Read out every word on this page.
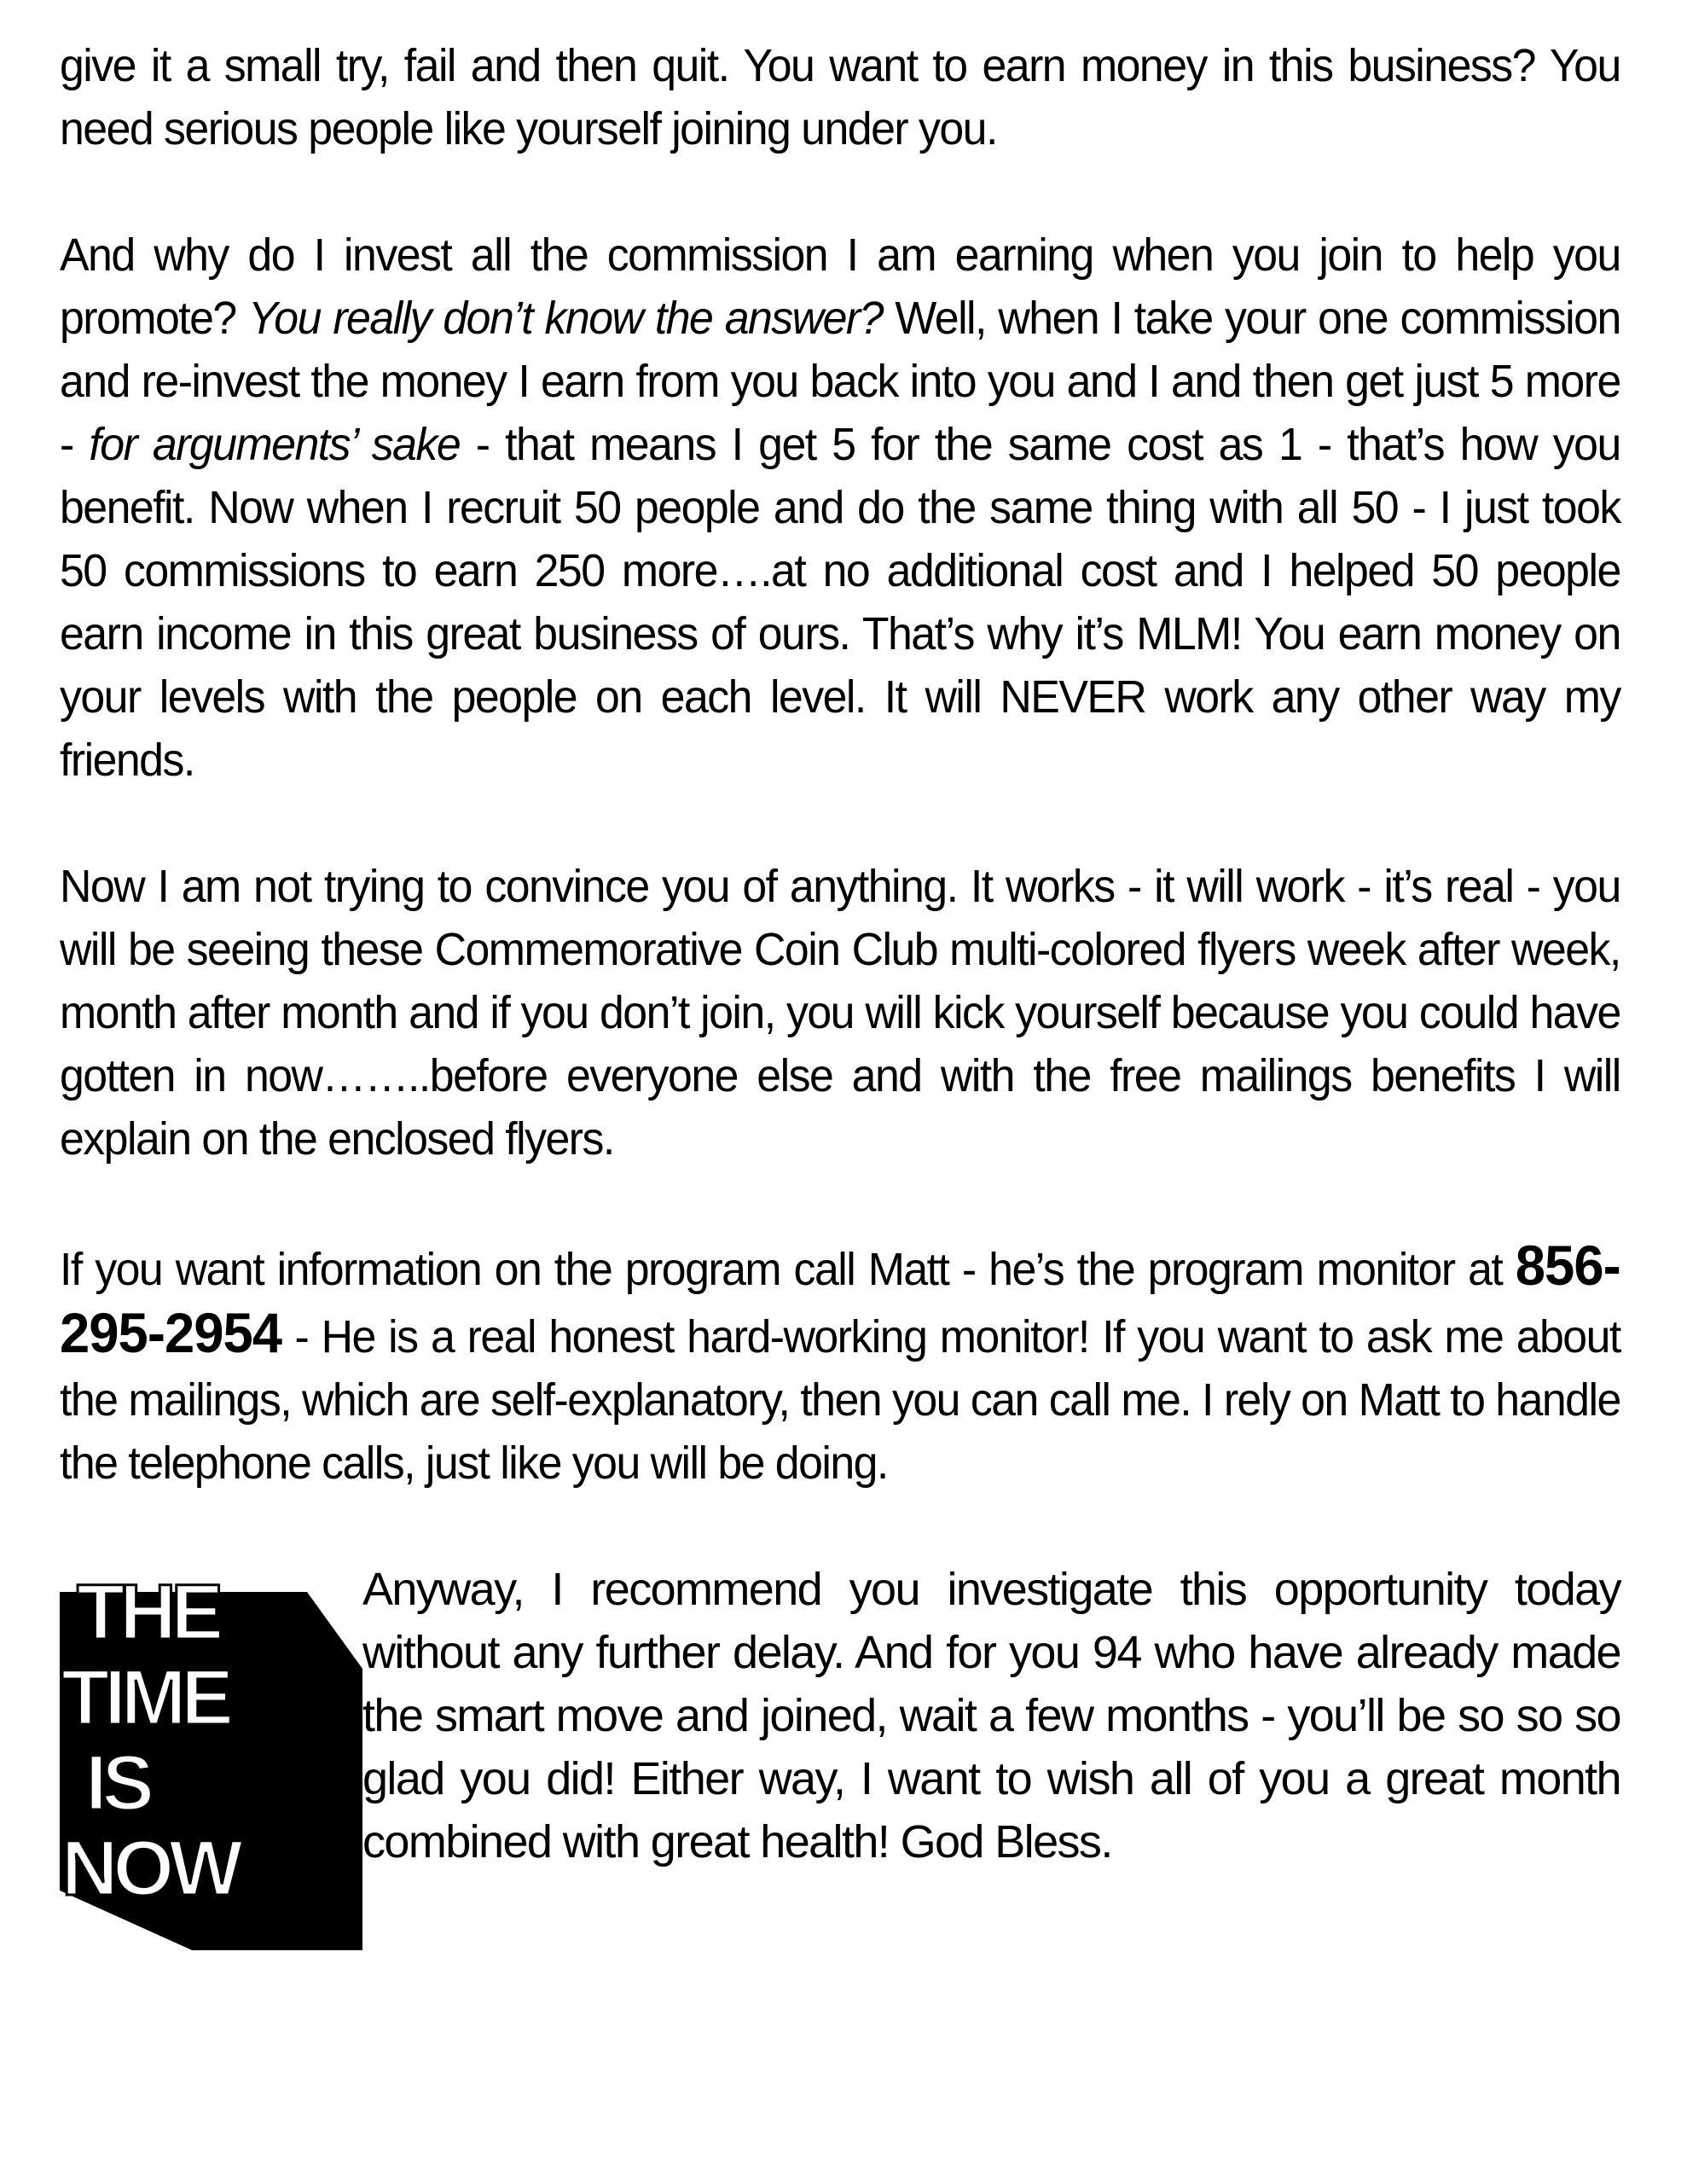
give it a small try, fail and then quit. You want to earn money in this business? You need serious people like yourself joining under you.

And why do I invest all the commission I am earning when you join to help you promote? You really don’t know the answer? Well, when I take your one commission and re-invest the money I earn from you back into you and I and then get just 5 more - for arguments’ sake - that means I get 5 for the same cost as 1 - that’s how you benefit. Now when I recruit 50 people and do the same thing with all 50 - I just took 50 commissions to earn 250 more….at no additional cost and I helped 50 people earn income in this great business of ours. That’s why it’s MLM! You earn money on your levels with the people on each level. It will NEVER work any other way my friends.

Now I am not trying to convince you of anything. It works - it will work - it’s real - you will be seeing these Commemorative Coin Club multi-colored flyers week after week, month after month and if you don’t join, you will kick yourself because you could have gotten in now……..before everyone else and with the free mailings benefits I will explain on the enclosed flyers.

If you want information on the program call Matt - he’s the program monitor at 856-295-2954 - He is a real honest hard-working monitor! If you want to ask me about the mailings, which are self-explanatory, then you can call me. I rely on Matt to handle the telephone calls, just like you will be doing.

THE
TIME
IS
NOW

Anyway, I recommend you investigate this opportunity today without any further delay. And for you 94 who have already made the smart move and joined, wait a few months - you’ll be so so so glad you did! Either way, I want to wish all of you a great month combined with great health! God Bless.
